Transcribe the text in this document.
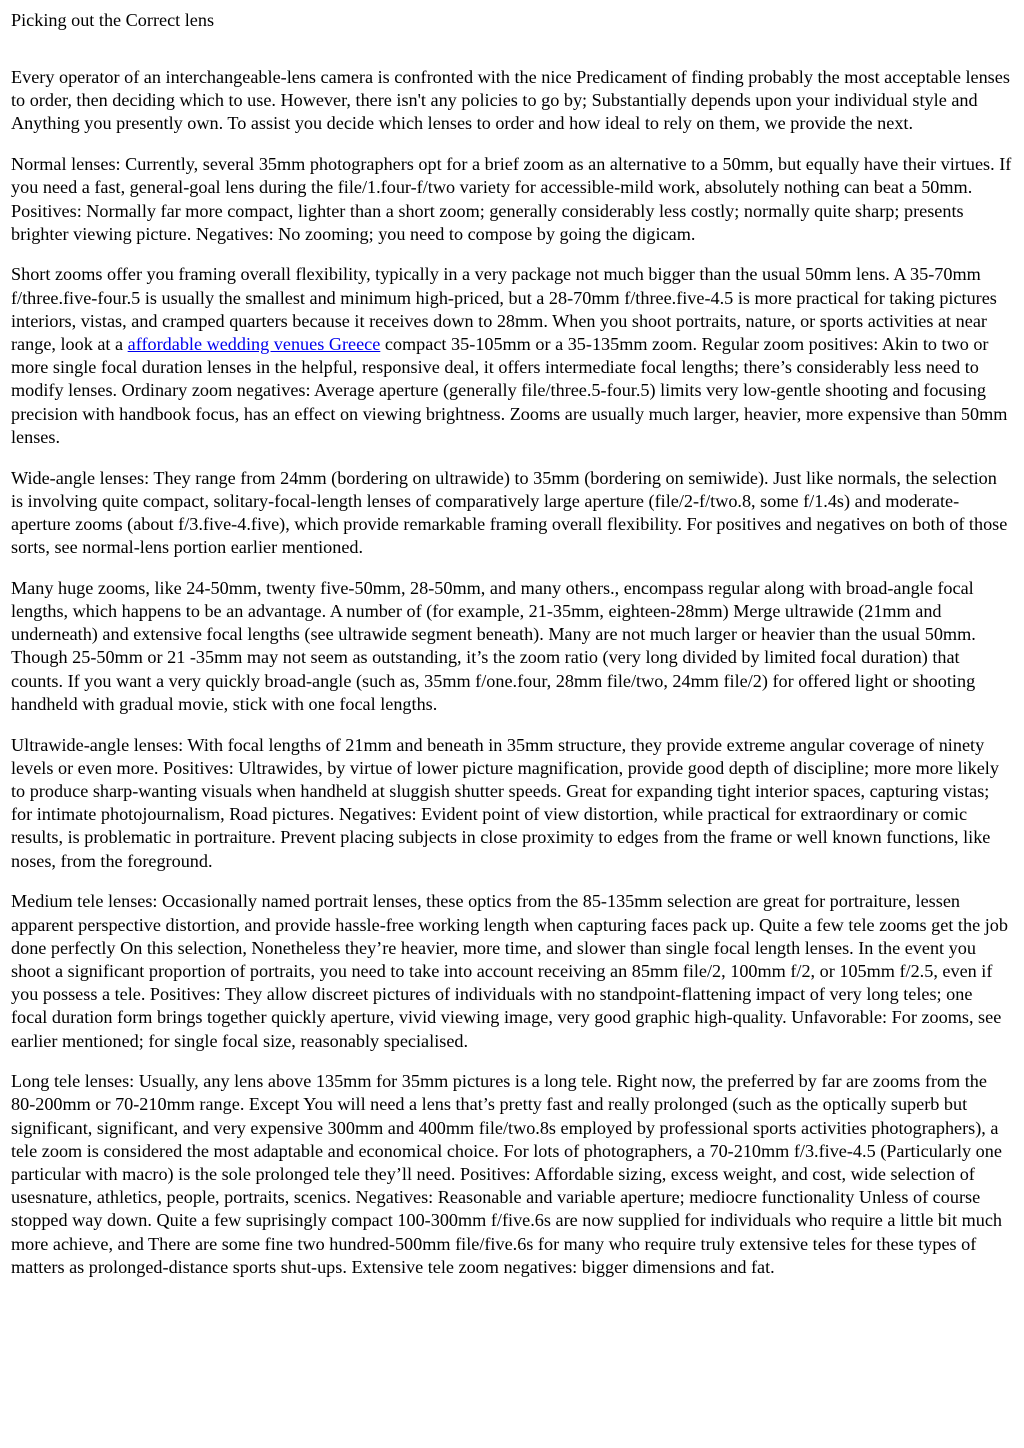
Picking out the Correct lens

Every operator of an interchangeable-lens camera is confronted with the nice Predicament of finding probably the most acceptable lenses to order, then deciding which to use. However, there isn't any policies to go by; Substantially depends upon your individual style and Anything you presently own. To assist you decide which lenses to order and how ideal to rely on them, we provide the next.

Normal lenses: Currently, several 35mm photographers opt for a brief zoom as an alternative to a 50mm, but equally have their virtues. If you need a fast, general-goal lens during the file/1.four-f/two variety for accessible-mild work, absolutely nothing can beat a 50mm. Positives: Normally far more compact, lighter than a short zoom; generally considerably less costly; normally quite sharp; presents brighter viewing picture. Negatives: No zooming; you need to compose by going the digicam.

Short zooms offer you framing overall flexibility, typically in a very package not much bigger than the usual 50mm lens. A 35-70mm f/three.five-four.5 is usually the smallest and minimum high-priced, but a 28-70mm f/three.five-4.5 is more practical for taking pictures interiors, vistas, and cramped quarters because it receives down to 28mm. When you shoot portraits, nature, or sports activities at near range, look at a affordable wedding venues Greece compact 35-105mm or a 35-135mm zoom. Regular zoom positives: Akin to two or more single focal duration lenses in the helpful, responsive deal, it offers intermediate focal lengths; there’s considerably less need to modify lenses. Ordinary zoom negatives: Average aperture (generally file/three.5-four.5) limits very low-gentle shooting and focusing precision with handbook focus, has an effect on viewing brightness. Zooms are usually much larger, heavier, more expensive than 50mm lenses.

Wide-angle lenses: They range from 24mm (bordering on ultrawide) to 35mm (bordering on semiwide). Just like normals, the selection is involving quite compact, solitary-focal-length lenses of comparatively large aperture (file/2-f/two.8, some f/1.4s) and moderate-aperture zooms (about f/3.five-4.five), which provide remarkable framing overall flexibility. For positives and negatives on both of those sorts, see normal-lens portion earlier mentioned.

Many huge zooms, like 24-50mm, twenty five-50mm, 28-50mm, and many others., encompass regular along with broad-angle focal lengths, which happens to be an advantage. A number of (for example, 21-35mm, eighteen-28mm) Merge ultrawide (21mm and underneath) and extensive focal lengths (see ultrawide segment beneath). Many are not much larger or heavier than the usual 50mm. Though 25-50mm or 21 -35mm may not seem as outstanding, it’s the zoom ratio (very long divided by limited focal duration) that counts. If you want a very quickly broad-angle (such as, 35mm f/one.four, 28mm file/two, 24mm file/2) for offered light or shooting handheld with gradual movie, stick with one focal lengths.

Ultrawide-angle lenses: With focal lengths of 21mm and beneath in 35mm structure, they provide extreme angular coverage of ninety levels or even more. Positives: Ultrawides, by virtue of lower picture magnification, provide good depth of discipline; more more likely to produce sharp-wanting visuals when handheld at sluggish shutter speeds. Great for expanding tight interior spaces, capturing vistas; for intimate photojournalism, Road pictures. Negatives: Evident point of view distortion, while practical for extraordinary or comic results, is problematic in portraiture. Prevent placing subjects in close proximity to edges from the frame or well known functions, like noses, from the foreground.

Medium tele lenses: Occasionally named portrait lenses, these optics from the 85-135mm selection are great for portraiture, lessen apparent perspective distortion, and provide hassle-free working length when capturing faces pack up. Quite a few tele zooms get the job done perfectly On this selection, Nonetheless they’re heavier, more time, and slower than single focal length lenses. In the event you shoot a significant proportion of portraits, you need to take into account receiving an 85mm file/2, 100mm f/2, or 105mm f/2.5, even if you possess a tele. Positives: They allow discreet pictures of individuals with no standpoint-flattening impact of very long teles; one focal duration form brings together quickly aperture, vivid viewing image, very good graphic high-quality. Unfavorable: For zooms, see earlier mentioned; for single focal size, reasonably specialised.

Long tele lenses: Usually, any lens above 135mm for 35mm pictures is a long tele. Right now, the preferred by far are zooms from the 80-200mm or 70-210mm range. Except You will need a lens that’s pretty fast and really prolonged (such as the optically superb but significant, significant, and very expensive 300mm and 400mm file/two.8s employed by professional sports activities photographers), a tele zoom is considered the most adaptable and economical choice. For lots of photographers, a 70-210mm f/3.five-4.5 (Particularly one particular with macro) is the sole prolonged tele they’ll need. Positives: Affordable sizing, excess weight, and cost, wide selection of usesnature, athletics, people, portraits, scenics. Negatives: Reasonable and variable aperture; mediocre functionality Unless of course stopped way down. Quite a few suprisingly compact 100-300mm f/five.6s are now supplied for individuals who require a little bit much more achieve, and There are some fine two hundred-500mm file/five.6s for many who require truly extensive teles for these types of matters as prolonged-distance sports shut-ups. Extensive tele zoom negatives: bigger dimensions and fat.
